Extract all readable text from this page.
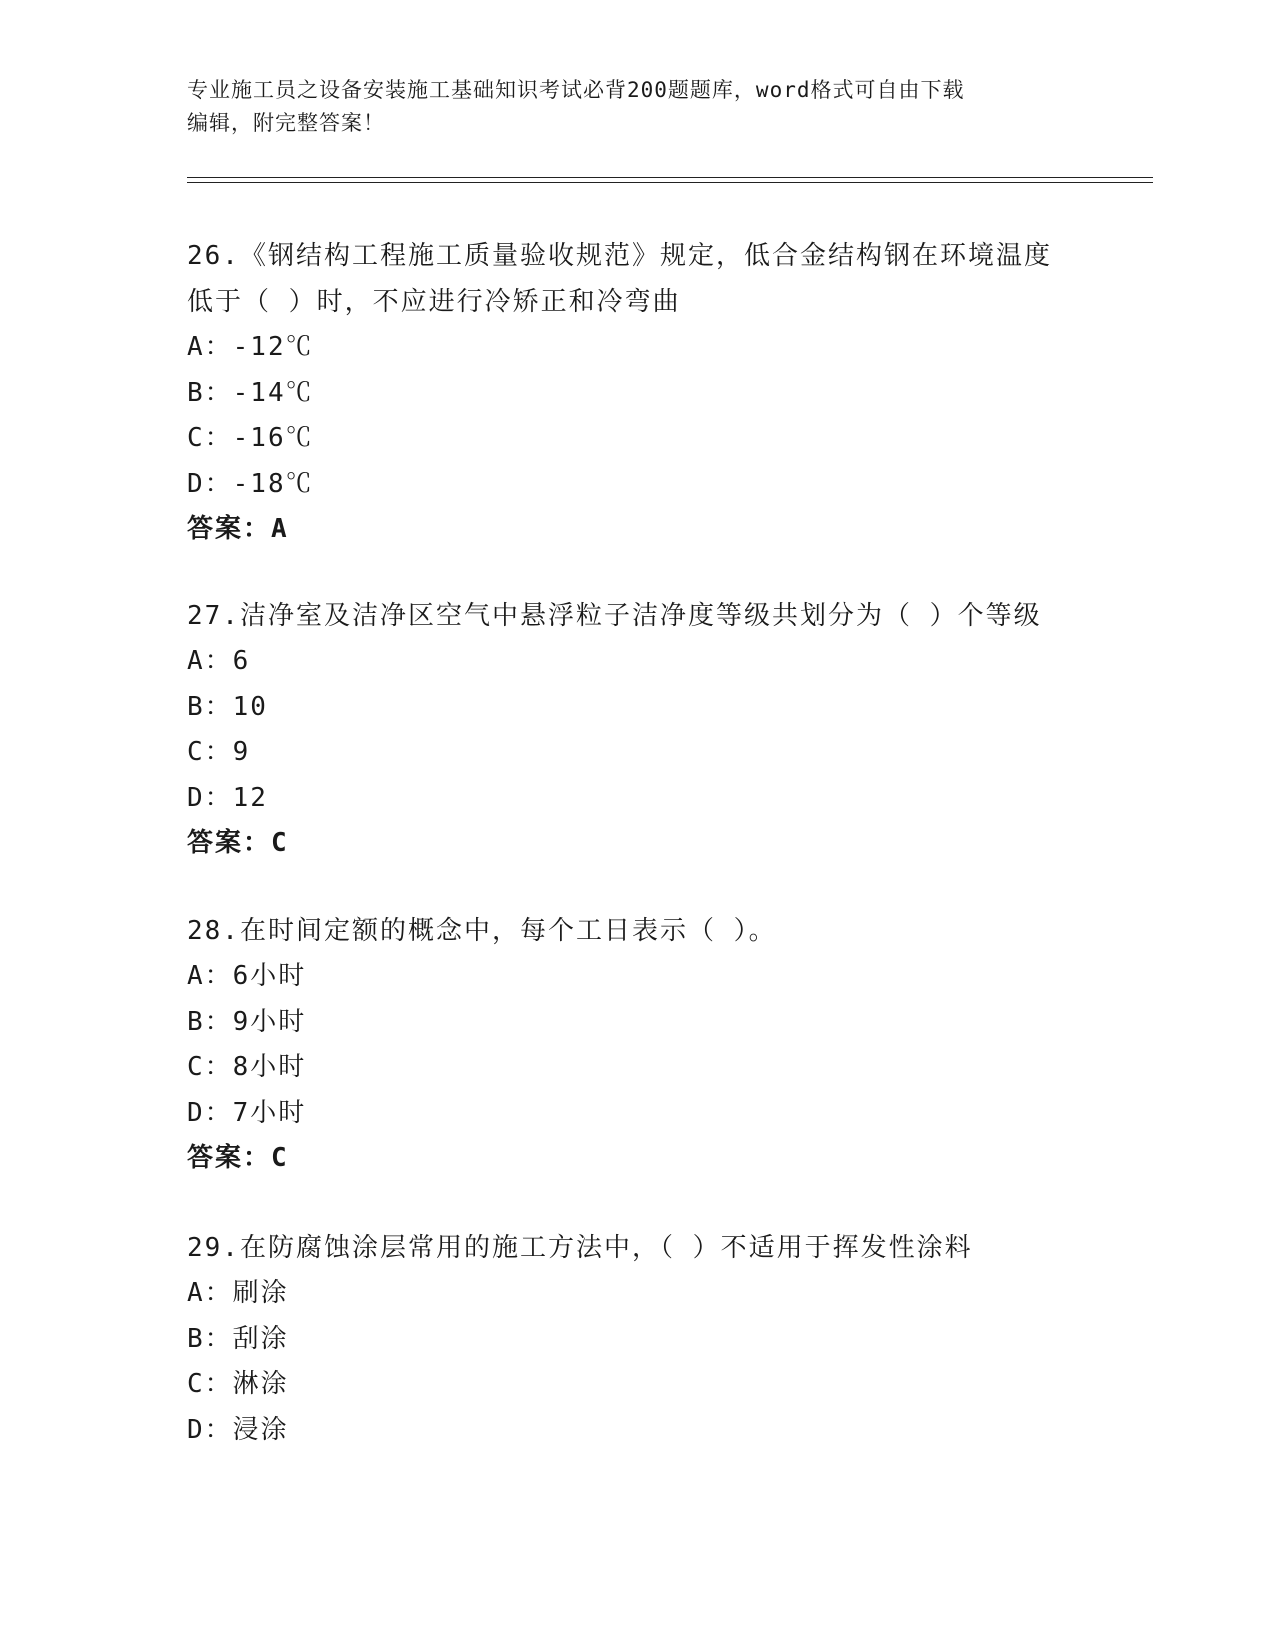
专业施工员之设备安装施工基础知识考试必背200题题库，word格式可自由下载
编辑，附完整答案！
26.《钢结构工程施工质量验收规范》规定，低合金结构钢在环境温度
低于（ ）时，不应进行冷矫正和冷弯曲
A：-12℃
B：-14℃
C：-16℃
D：-18℃
答案：A
27.洁净室及洁净区空气中悬浮粒子洁净度等级共划分为（ ）个等级
A：6
B：10
C：9
D：12
答案：C
28.在时间定额的概念中，每个工日表示（ ）。
A：6小时
B：9小时
C：8小时
D：7小时
答案：C
29.在防腐蚀涂层常用的施工方法中，（ ）不适用于挥发性涂料
A：刷涂
B：刮涂
C：淋涂
D：浸涂
